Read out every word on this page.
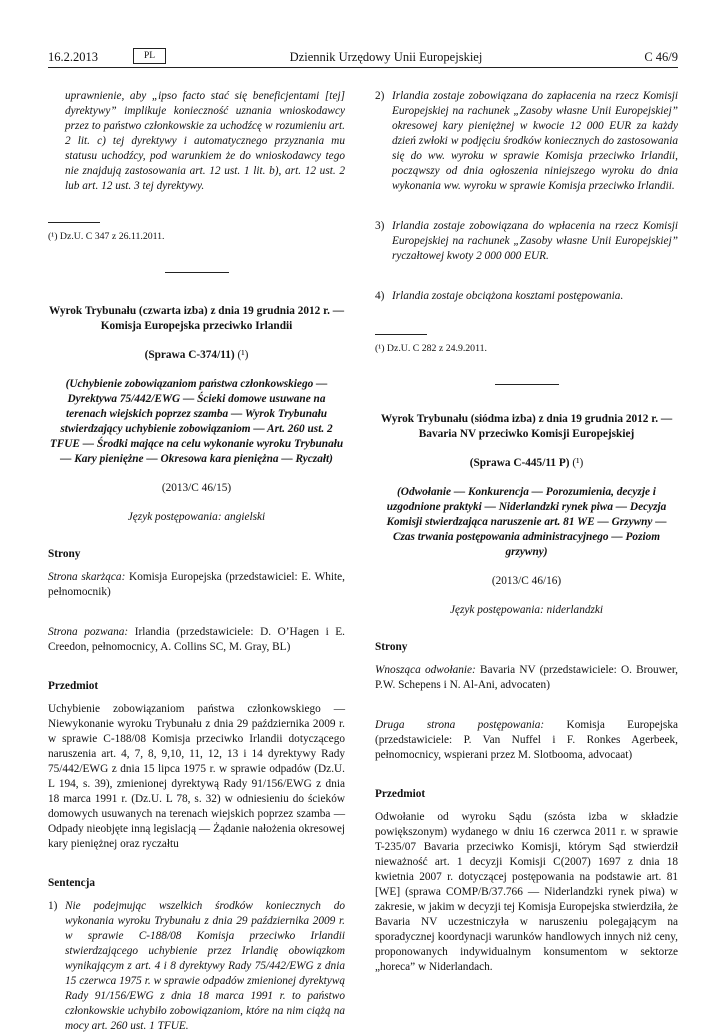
16.2.2013	PL	Dziennik Urzędowy Unii Europejskiej	C 46/9

uprawnienie, aby „ipso facto stać się beneficjentami [tej] dyrektywy” implikuje konieczność uznania wnioskodawcy przez to państwo członkowskie za uchodźcę w rozumieniu art. 2 lit. c) tej dyrektywy i automatycznego przyznania mu statusu uchodźcy, pod warunkiem że do wnioskodawcy tego nie znajdują zastosowania art. 12 ust. 1 lit. b), art. 12 ust. 2 lub art. 12 ust. 3 tej dyrektywy.

(¹) Dz.U. C 347 z 26.11.2011.

Wyrok Trybunału (czwarta izba) z dnia 19 grudnia 2012 r. — Komisja Europejska przeciwko Irlandii

(Sprawa C-374/11) (¹)

(Uchybienie zobowiązaniom państwa członkowskiego — Dyrektywa 75/442/EWG — Ścieki domowe usuwane na terenach wiejskich poprzez szamba — Wyrok Trybunału stwierdzający uchybienie zobowiązaniom — Art. 260 ust. 2 TFUE — Środki mające na celu wykonanie wyroku Trybunału — Kary pieniężne — Okresowa kara pieniężna — Ryczałt)

(2013/C 46/15)

Język postępowania: angielski

Strony

Strona skarżąca: Komisja Europejska (przedstawiciel: E. White, pełnomocnik)

Strona pozwana: Irlandia (przedstawiciele: D. O’Hagen i E. Creedon, pełnomocnicy, A. Collins SC, M. Gray, BL)

Przedmiot

Uchybienie zobowiązaniom państwa członkowskiego — Niewykonanie wyroku Trybunału z dnia 29 października 2009 r. w sprawie C-188/08 Komisja przeciwko Irlandii dotyczącego naruszenia art. 4, 7, 8, 9,10, 11, 12, 13 i 14 dyrektywy Rady 75/442/EWG z dnia 15 lipca 1975 r. w sprawie odpadów (Dz.U. L 194, s. 39), zmienionej dyrektywą Rady 91/156/EWG z dnia 18 marca 1991 r. (Dz.U. L 78, s. 32) w odniesieniu do ścieków domowych usuwanych na terenach wiejskich poprzez szamba — Odpady nieobjęte inną legislacją — Żądanie nałożenia okresowej kary pieniężnej oraz ryczałtu

Sentencja

1) Nie podejmując wszelkich środków koniecznych do wykonania wyroku Trybunału z dnia 29 października 2009 r. w sprawie C-188/08 Komisja przeciwko Irlandii stwierdzającego uchybienie przez Irlandię obowiązkom wynikającym z art. 4 i 8 dyrektywy Rady 75/442/EWG z dnia 15 czerwca 1975 r. w sprawie odpadów zmienionej dyrektywą Rady 91/156/EWG z dnia 18 marca 1991 r. to państwo członkowskie uchybiło zobowiązaniom, które na nim ciążą na mocy art. 260 ust. 1 TFUE.
2) Irlandia zostaje zobowiązana do zapłacenia na rzecz Komisji Europejskiej na rachunek „Zasoby własne Unii Europejskiej” okresowej kary pieniężnej w kwocie 12 000 EUR za każdy dzień zwłoki w podjęciu środków koniecznych do zastosowania się do ww. wyroku w sprawie Komisja przeciwko Irlandii, począwszy od dnia ogłoszenia niniejszego wyroku do dnia wykonania ww. wyroku w sprawie Komisja przeciwko Irlandii.
3) Irlandia zostaje zobowiązana do wpłacenia na rzecz Komisji Europejskiej na rachunek „Zasoby własne Unii Europejskiej” ryczałtowej kwoty 2 000 000 EUR.
4) Irlandia zostaje obciążona kosztami postępowania.

(¹) Dz.U. C 282 z 24.9.2011.

Wyrok Trybunału (siódma izba) z dnia 19 grudnia 2012 r. — Bavaria NV przeciwko Komisji Europejskiej

(Sprawa C-445/11 P) (¹)

(Odwołanie — Konkurencja — Porozumienia, decyzje i uzgodnione praktyki — Niderlandzki rynek piwa — Decyzja Komisji stwierdzająca naruszenie art. 81 WE — Grzywny — Czas trwania postępowania administracyjnego — Poziom grzywny)

(2013/C 46/16)

Język postępowania: niderlandzki

Strony

Wnosząca odwołanie: Bavaria NV (przedstawiciele: O. Brouwer, P.W. Schepens i N. Al-Ani, advocaten)

Druga strona postępowania: Komisja Europejska (przedstawiciele: P. Van Nuffel i F. Ronkes Agerbeek, pełnomocnicy, wspierani przez M. Slotbooma, advocaat)

Przedmiot

Odwołanie od wyroku Sądu (szósta izba w składzie powiększonym) wydanego w dniu 16 czerwca 2011 r. w sprawie T-235/07 Bavaria przeciwko Komisji, którym Sąd stwierdził nieważność art. 1 decyzji Komisji C(2007) 1697 z dnia 18 kwietnia 2007 r. dotyczącej postępowania na podstawie art. 81 [WE] (sprawa COMP/B/37.766 — Niderlandzki rynek piwa) w zakresie, w jakim w decyzji tej Komisja Europejska stwierdziła, że Bavaria NV uczestniczyła w naruszeniu polegającym na sporadycznej koordynacji warunków handlowych innych niż ceny, proponowanych indywidualnym konsumentom w sektorze „horeca” w Niderlandach.
